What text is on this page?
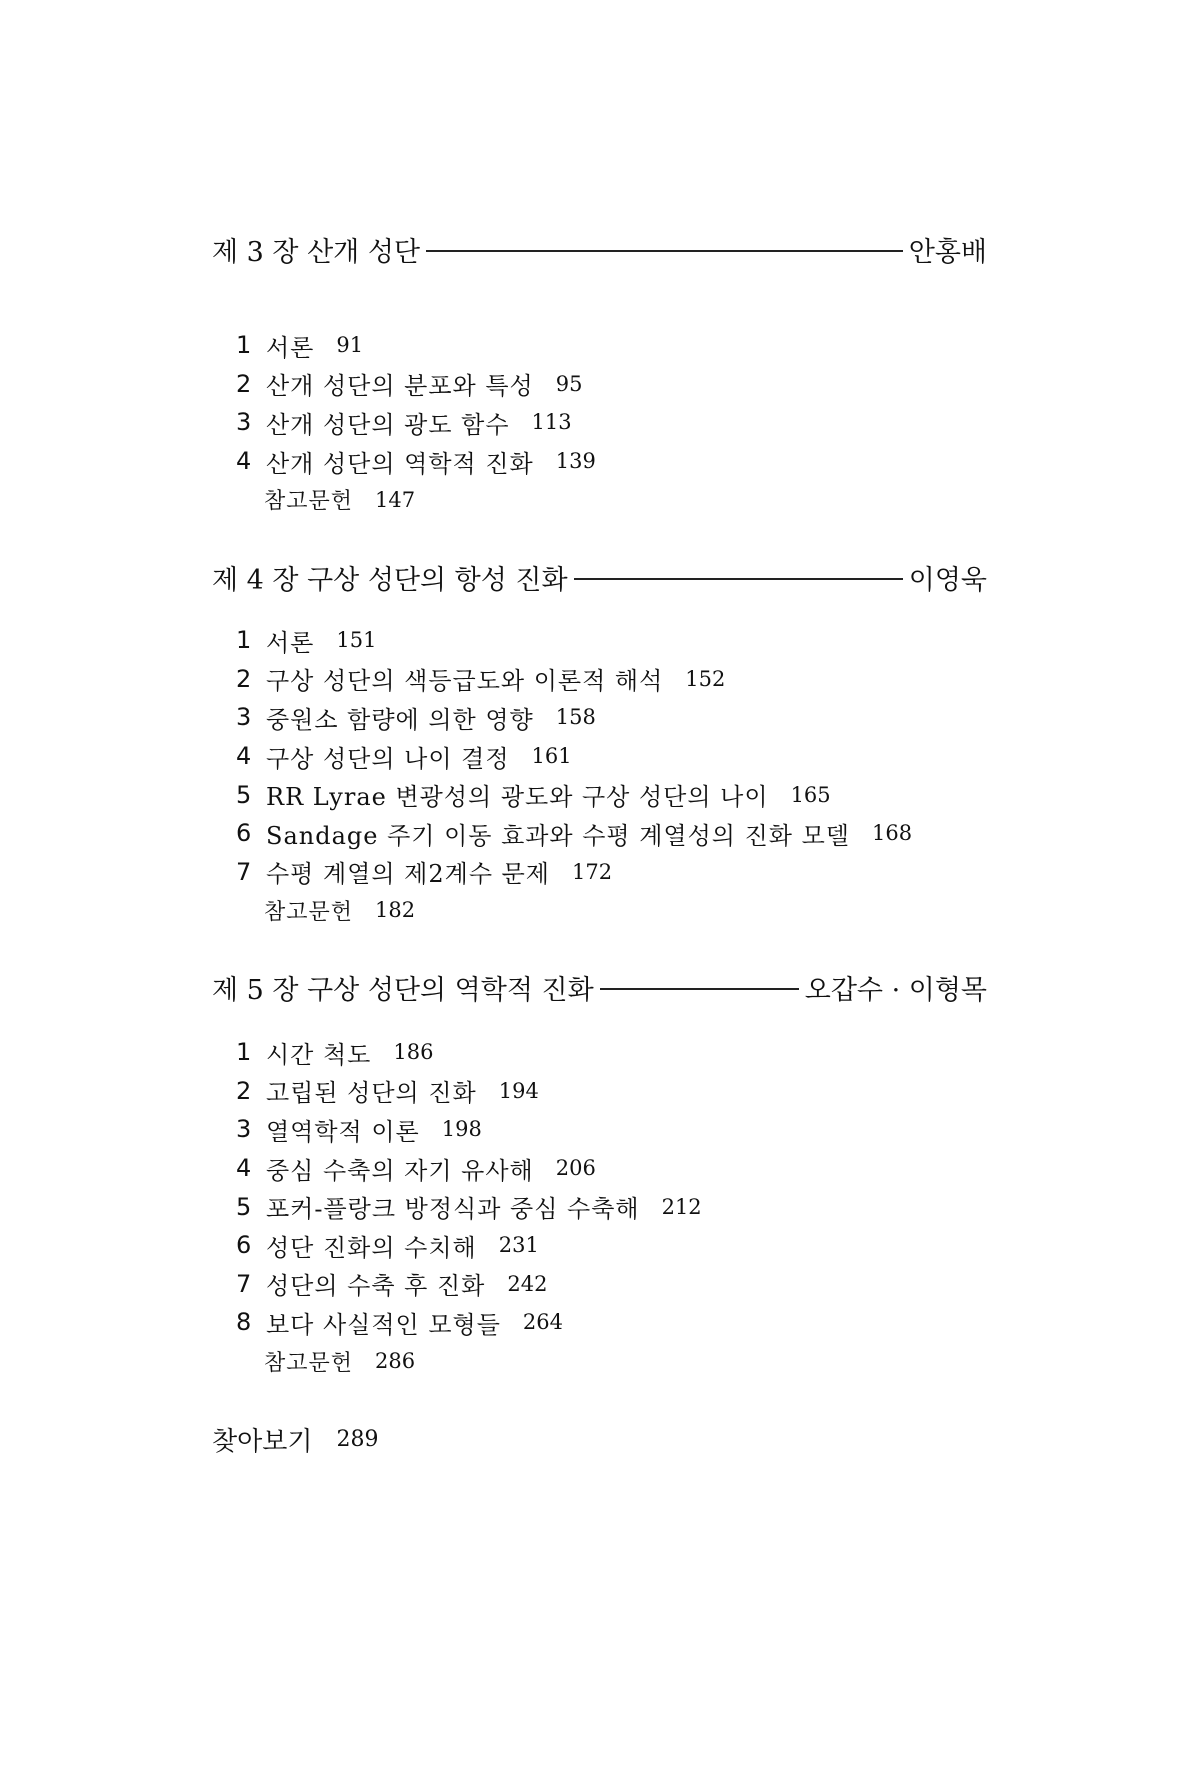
제 3 장 산개 성단	안홍배
1 서론 91
2 산개 성단의 분포와 특성 95
3 산개 성단의 광도 함수 113
4 산개 성단의 역학적 진화 139
참고문헌 147
제 4 장 구상 성단의 항성 진화	이영욱
1 서론 151
2 구상 성단의 색등급도와 이론적 해석 152
3 중원소 함량에 의한 영향 158
4 구상 성단의 나이 결정 161
5 RR Lyrae 변광성의 광도와 구상 성단의 나이 165
6 Sandage 주기 이동 효과와 수평 계열성의 진화 모델 168
7 수평 계열의 제2계수 문제 172
참고문헌 182
제 5 장 구상 성단의 역학적 진화	오갑수 · 이형목
1 시간 척도 186
2 고립된 성단의 진화 194
3 열역학적 이론 198
4 중심 수축의 자기 유사해 206
5 포커-플랑크 방정식과 중심 수축해 212
6 성단 진화의 수치해 231
7 성단의 수축 후 진화 242
8 보다 사실적인 모형들 264
참고문헌 286
찾아보기 289
